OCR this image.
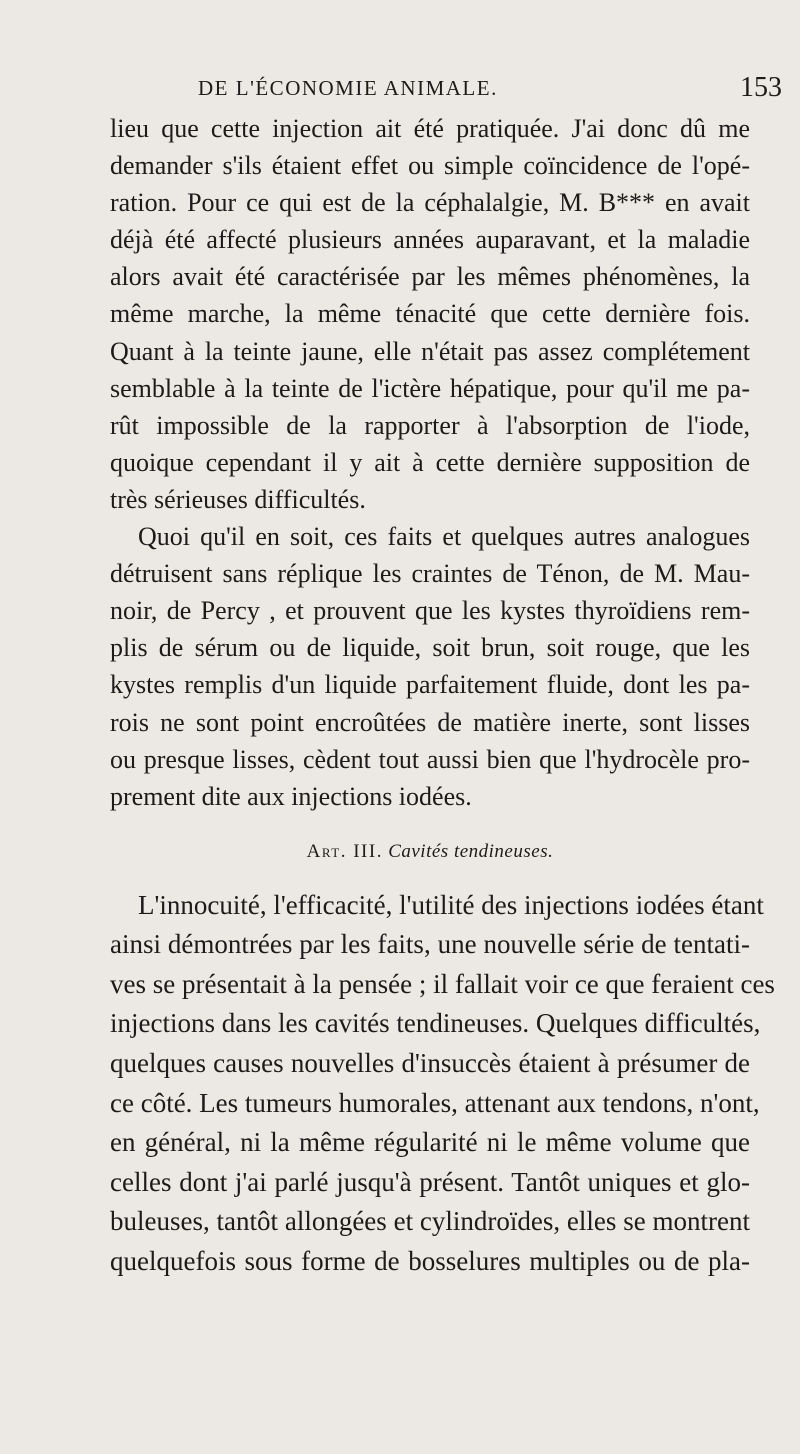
DE L'ÉCONOMIE ANIMALE.	153

lieu que cette injection ait été pratiquée. J'ai donc dû me
demander s'ils étaient effet ou simple coïncidence de l'opé-
ration. Pour ce qui est de la céphalalgie, M. B*** en avait
déjà été affecté plusieurs années auparavant, et la maladie
alors avait été caractérisée par les mêmes phénomènes, la
même marche, la même ténacité que cette dernière fois.
Quant à la teinte jaune, elle n'était pas assez complétement
semblable à la teinte de l'ictère hépatique, pour qu'il me pa-
rût impossible de la rapporter à l'absorption de l'iode,
quoique cependant il y ait à cette dernière supposition de
très sérieuses difficultés.

Quoi qu'il en soit, ces faits et quelques autres analogues
détruisent sans réplique les craintes de Ténon, de M. Mau-
noir, de Percy , et prouvent que les kystes thyroïdiens rem-
plis de sérum ou de liquide, soit brun, soit rouge, que les
kystes remplis d'un liquide parfaitement fluide, dont les pa-
rois ne sont point encroûtées de matière inerte, sont lisses
ou presque lisses, cèdent tout aussi bien que l'hydrocèle pro-
prement dite aux injections iodées.

Art. III. Cavités tendineuses.

L'innocuité, l'efficacité, l'utilité des injections iodées étant
ainsi démontrées par les faits, une nouvelle série de tentati-
ves se présentait à la pensée ; il fallait voir ce que feraient ces
injections dans les cavités tendineuses. Quelques difficultés,
quelques causes nouvelles d'insuccès étaient à présumer de
ce côté. Les tumeurs humorales, attenant aux tendons, n'ont,
en général, ni la même régularité ni le même volume que
celles dont j'ai parlé jusqu'à présent. Tantôt uniques et glo-
buleuses, tantôt allongées et cylindroïdes, elles se montrent
quelquefois sous forme de bosselures multiples ou de pla-
